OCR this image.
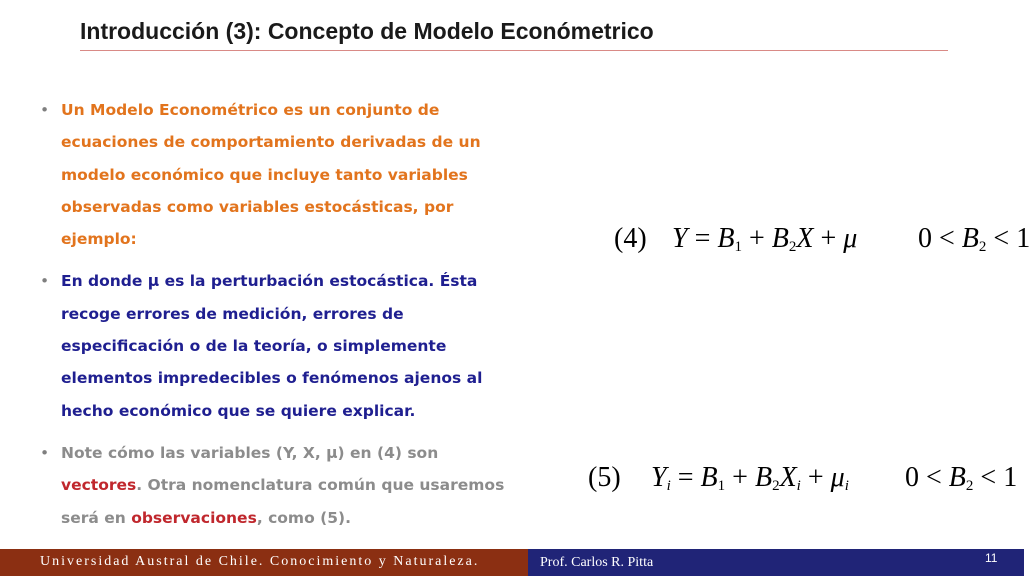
Introducción (3): Concepto de Modelo Económetrico
• Un Modelo Econométrico es un conjunto de ecuaciones de comportamiento derivadas de un modelo económico que incluye tanto variables observadas como variables estocásticas, por ejemplo:
• En donde μ es la perturbación estocástica. Ésta recoge errores de medición, errores de especificación o de la teoría, o simplemente elementos impredecibles o fenómenos ajenos al hecho económico que se quiere explicar.
• Note cómo las variables (Y, X, μ) en (4) son vectores. Otra nomenclatura común que usaremos será en observaciones, como (5).
(4) $Y = B_1 + B_2X + \mu$ $0 < B_2 < 1$
(5) $Y_i = B_1 + B_2X_i + \mu_i$ $0 < B_2 < 1$
Universidad Austral de Chile. Conocimiento y Naturaleza.	Prof. Carlos R. Pitta	11
